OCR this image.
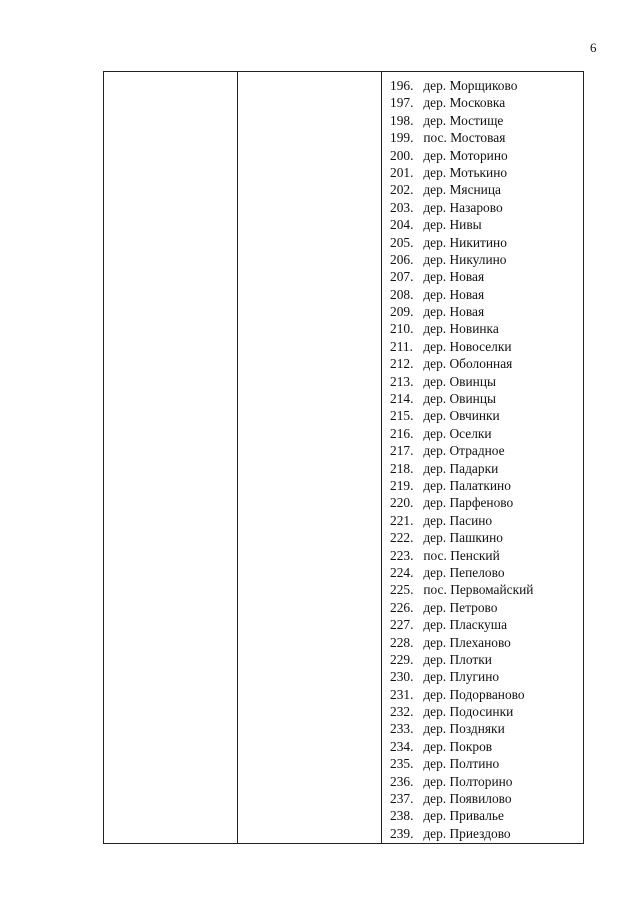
6
196. дер. Морщиково
197. дер. Московка
198. дер. Мостище
199. пос. Мостовая
200. дер. Моторино
201. дер. Мотькино
202. дер. Мясница
203. дер. Назарово
204. дер. Нивы
205. дер. Никитино
206. дер. Никулино
207. дер. Новая
208. дер. Новая
209. дер. Новая
210. дер. Новинка
211. дер. Новоселки
212. дер. Оболонная
213. дер. Овинцы
214. дер. Овинцы
215. дер. Овчинки
216. дер. Оселки
217. дер. Отрадное
218. дер. Падарки
219. дер. Палаткино
220. дер. Парфеново
221. дер. Пасино
222. дер. Пашкино
223. пос. Пенский
224. дер. Пепелово
225. пос. Первомайский
226. дер. Петрово
227. дер. Пласкуша
228. дер. Плеханово
229. дер. Плотки
230. дер. Плугино
231. дер. Подорваново
232. дер. Подосинки
233. дер. Поздняки
234. дер. Покров
235. дер. Полтино
236. дер. Полторино
237. дер. Появилово
238. дер. Привалье
239. дер. Приездово
